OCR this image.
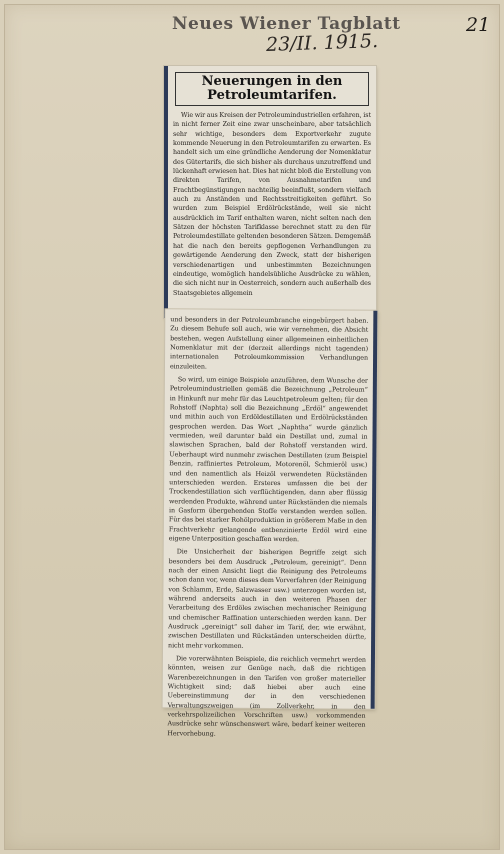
Neues Wiener Tagblatt
23/II. 1915.
21
Neuerungen in den Petroleumtarifen.

Wie wir aus Kreisen der Petroleumindustriellen erfahren, ist in nicht ferner Zeit eine zwar unscheinbare, aber tatsächlich sehr wichtige, besonders dem Exportverkehr zugute kommende Neuerung in den Petroleumtarifen zu erwarten. Es handelt sich um eine gründliche Aenderung der Nomenklatur des Gütertarifs, die sich bisher als durchaus unzutreffend und lückenhaft erwiesen hat. Dies hat nicht bloß die Erstellung von direkten Tarifen, von Ausnahmetarifen und Frachtbegünstigungen nachteilig beeinflußt, sondern vielfach auch zu Anständen und Rechtsstreitigkeiten geführt. So wurden zum Beispiel Erdölrückstände, weil sie nicht ausdrücklich im Tarif enthalten waren, nicht selten nach den Sätzen der höchsten Tarifklasse berechnet statt zu den für Petroleumdestillate geltenden besonderen Sätzen. Demgemäß hat die nach den bereits gepflogenen Verhandlungen zu gewärtigende Aenderung den Zweck, statt der bisherigen verschiedenartigen und unbestimmten Bezeichnungen eindeutige, womöglich handelsübliche Ausdrücke zu wählen, die sich nicht nur in Oesterreich, sondern auch außerhalb des Staatsgebietes allgemein

und besonders in der Petroleumbranche eingebürgert haben. Zu diesem Behufe soll auch, wie wir vernehmen, die Absicht bestehen, wegen Aufstellung einer allgemeinen einheitlichen Nomenklatur mit der (derzeit allerdings nicht tagenden) internationalen Petroleumkommission Verhandlungen einzuleiten.

So wird, um einige Beispiele anzuführen, dem Wunsche der Petroleumindustriellen gemäß die Bezeichnung „Petroleum“ in Hinkunft nur mehr für das Leuchtpetroleum gelten; für den Rohstoff (Naphta) soll die Bezeichnung „Erdöl“ angewendet und mithin auch von Erdöldestillaten und Erdölrückständen gesprochen werden. Das Wort „Naphtha“ wurde gänzlich vermieden, weil darunter bald ein Destillat und, zumal in slawischen Sprachen, bald der Rohstoff verstanden wird. Ueberhaupt wird nunmehr zwischen Destillaten (zum Beispiel Benzin, raffiniertes Petroleum, Motorenöl, Schmieröl usw.) und den namentlich als Heizöl verwendeten Rückständen unterschieden werden. Ersteres umfassen die bei der Trockendestillation sich verflüchtigenden, dann aber flüssig werdenden Produkte, während unter Rückständen die niemals in Gasform übergehenden Stoffe verstanden werden sollen. Für das bei starker Rohölproduktion in größerem Maße in den Frachtverkehr gelangende entbenzinierte Erdöl wird eine eigene Unterposition geschaffen werden.

Die Unsicherheit der bisherigen Begriffe zeigt sich besonders bei dem Ausdruck „Petroleum, gereinigt“. Denn nach der einen Ansicht liegt die Reinigung des Petroleums schon dann vor, wenn dieses dem Vorverfahren (der Reinigung von Schlamm, Erde, Salzwasser usw.) unterzogen worden ist, während anderseits auch in den weiteren Phasen der Verarbeitung des Erdöles zwischen mechanischer Reinigung und chemischer Raffination unterschieden werden kann. Der Ausdruck „gereinigt“ soll daher im Tarif, der, wie erwähnt, zwischen Destillaten und Rückständen unterscheiden dürfte, nicht mehr vorkommen.

Die vorerwähnten Beispiele, die reichlich vermehrt werden könnten, weisen zur Genüge nach, daß die richtigen Warenbezeichnungen in den Tarifen von großer materieller Wichtigkeit sind; daß hiebei aber auch eine Uebereinstimmung der in den verschiedenen Verwaltungszweigen (im Zollverkehr, in den verkehrspolizeilichen Vorschriften usw.) vorkommenden Ausdrücke sehr wünschenswert wäre, bedarf keiner weiteren Hervorhebung.
